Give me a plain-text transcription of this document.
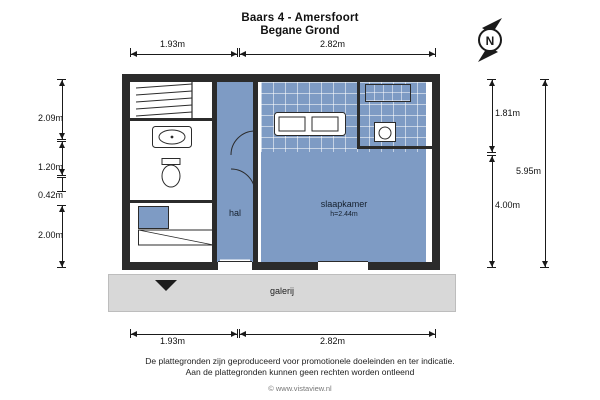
Baars 4 - Amersfoort
Begane Grond
N
1.93m	2.82m
2.09m
1.20m
0.42m
2.00m
1.81m
4.00m
5.95m
hal
slaapkamer
h=2.44m
galerij
1.93m	2.82m
De plattegronden zijn geproduceerd voor promotionele doeleinden en ter indicatie.
Aan de plattegronden kunnen geen rechten worden ontleend
© www.vistaview.nl
